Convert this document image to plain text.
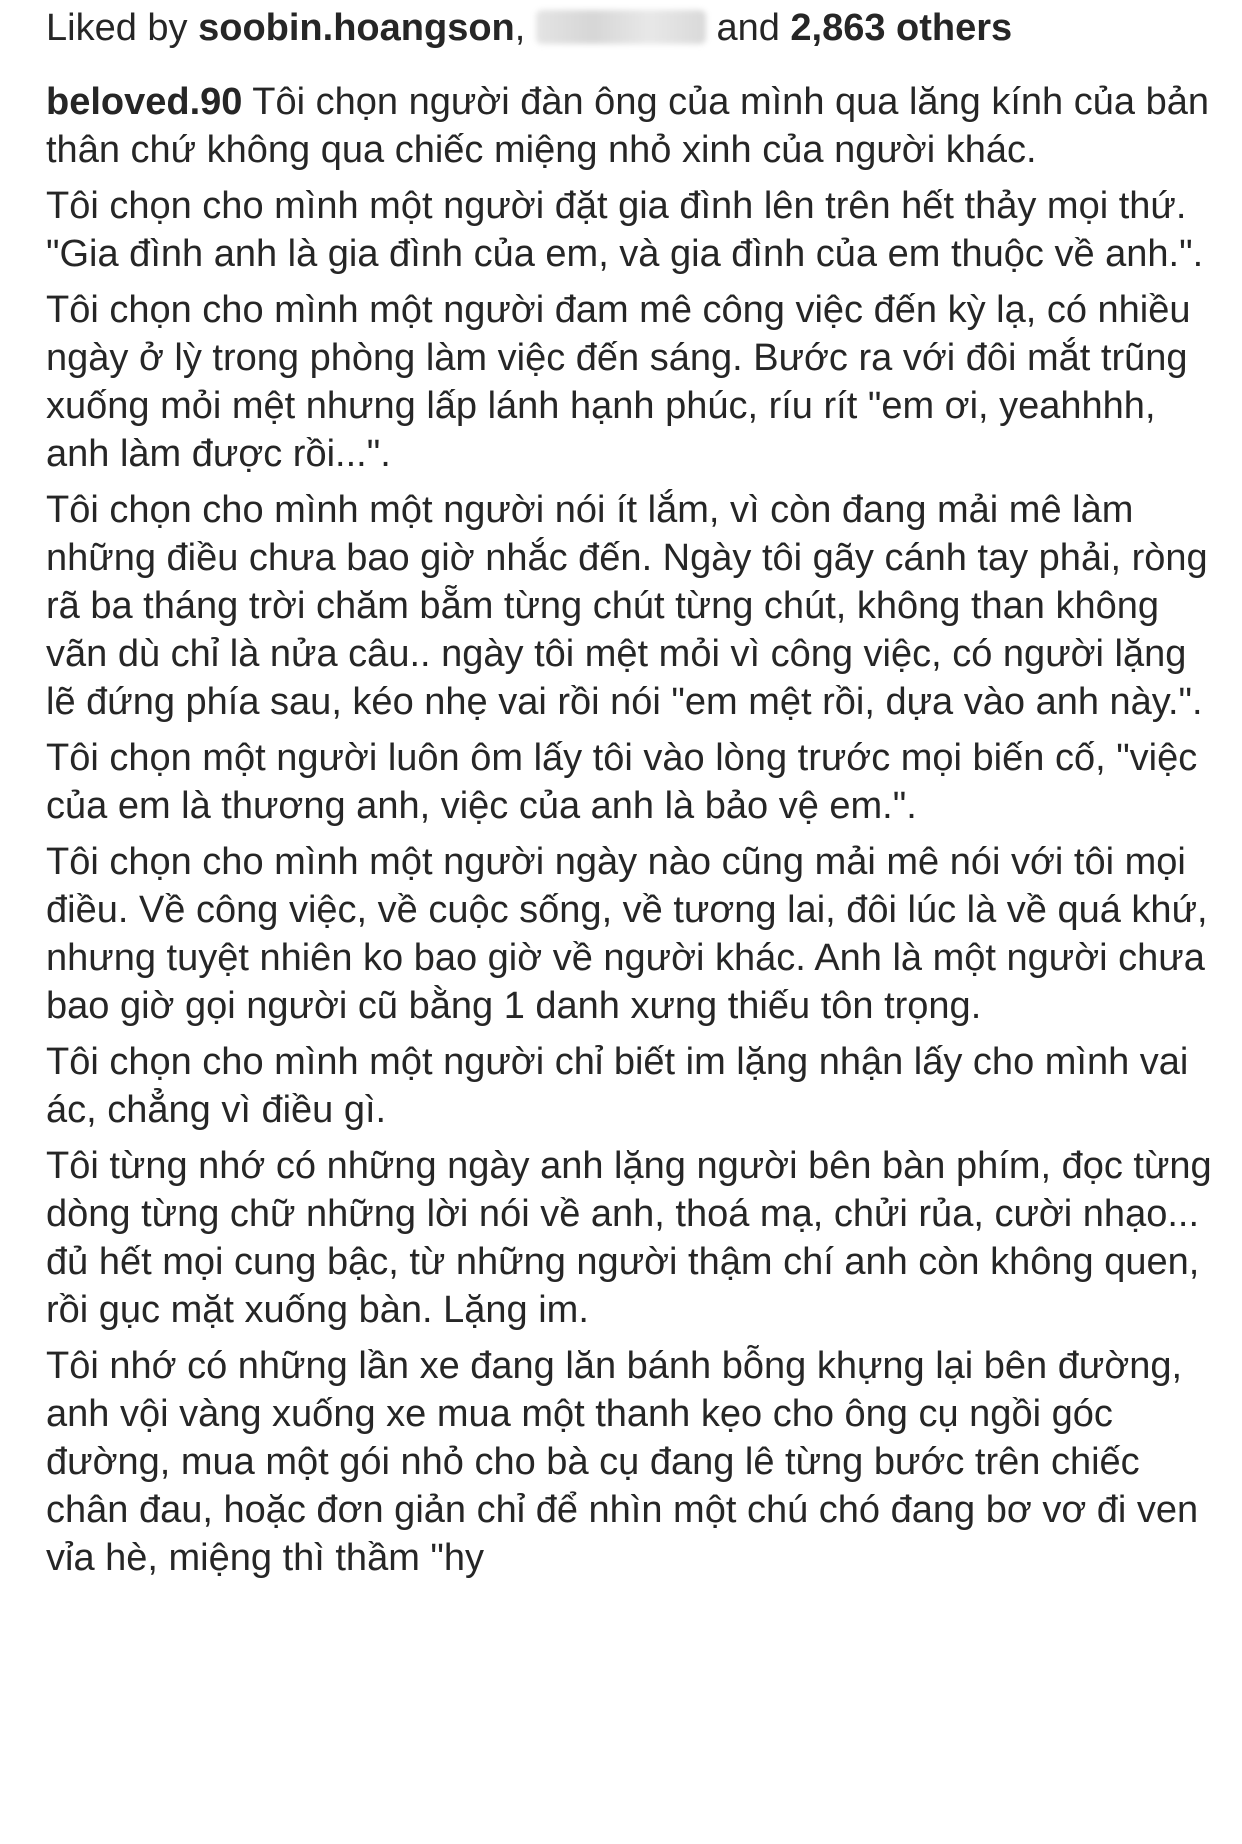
Liked by soobin.hoangson,	and 2,863 others

beloved.90 Tôi chọn người đàn ông của mình qua lăng kính của bản thân chứ không qua chiếc miệng nhỏ xinh của người khác.

Tôi chọn cho mình một người đặt gia đình lên trên hết thảy mọi thứ. "Gia đình anh là gia đình của em, và gia đình của em thuộc về anh.".

Tôi chọn cho mình một người đam mê công việc đến kỳ lạ, có nhiều ngày ở lỳ trong phòng làm việc đến sáng. Bước ra với đôi mắt trũng xuống mỏi mệt nhưng lấp lánh hạnh phúc, ríu rít "em ơi, yeahhhh, anh làm được rồi...".

Tôi chọn cho mình một người nói ít lắm, vì còn đang mải mê làm những điều chưa bao giờ nhắc đến. Ngày tôi gãy cánh tay phải, ròng rã ba tháng trời chăm bẵm từng chút từng chút, không than không vãn dù chỉ là nửa câu.. ngày tôi mệt mỏi vì công việc, có người lặng lẽ đứng phía sau, kéo nhẹ vai rồi nói "em mệt rồi, dựa vào anh này.".

Tôi chọn một người luôn ôm lấy tôi vào lòng trước mọi biến cố, "việc của em là thương anh, việc của anh là bảo vệ em.".

Tôi chọn cho mình một người ngày nào cũng mải mê nói với tôi mọi điều. Về công việc, về cuộc sống, về tương lai, đôi lúc là về quá khứ, nhưng tuyệt nhiên ko bao giờ về người khác. Anh là một người chưa bao giờ gọi người cũ bằng 1 danh xưng thiếu tôn trọng.

Tôi chọn cho mình một người chỉ biết im lặng nhận lấy cho mình vai ác, chẳng vì điều gì.

Tôi từng nhớ có những ngày anh lặng người bên bàn phím, đọc từng dòng từng chữ những lời nói về anh, thoá mạ, chửi rủa, cười nhạo... đủ hết mọi cung bậc, từ những người thậm chí anh còn không quen, rồi gục mặt xuống bàn. Lặng im.

Tôi nhớ có những lần xe đang lăn bánh bỗng khựng lại bên đường, anh vội vàng xuống xe mua một thanh kẹo cho ông cụ ngồi góc đường, mua một gói nhỏ cho bà cụ đang lê từng bước trên chiếc chân đau, hoặc đơn giản chỉ để nhìn một chú chó đang bơ vơ đi ven vỉa hè, miệng thì thầm "hy
